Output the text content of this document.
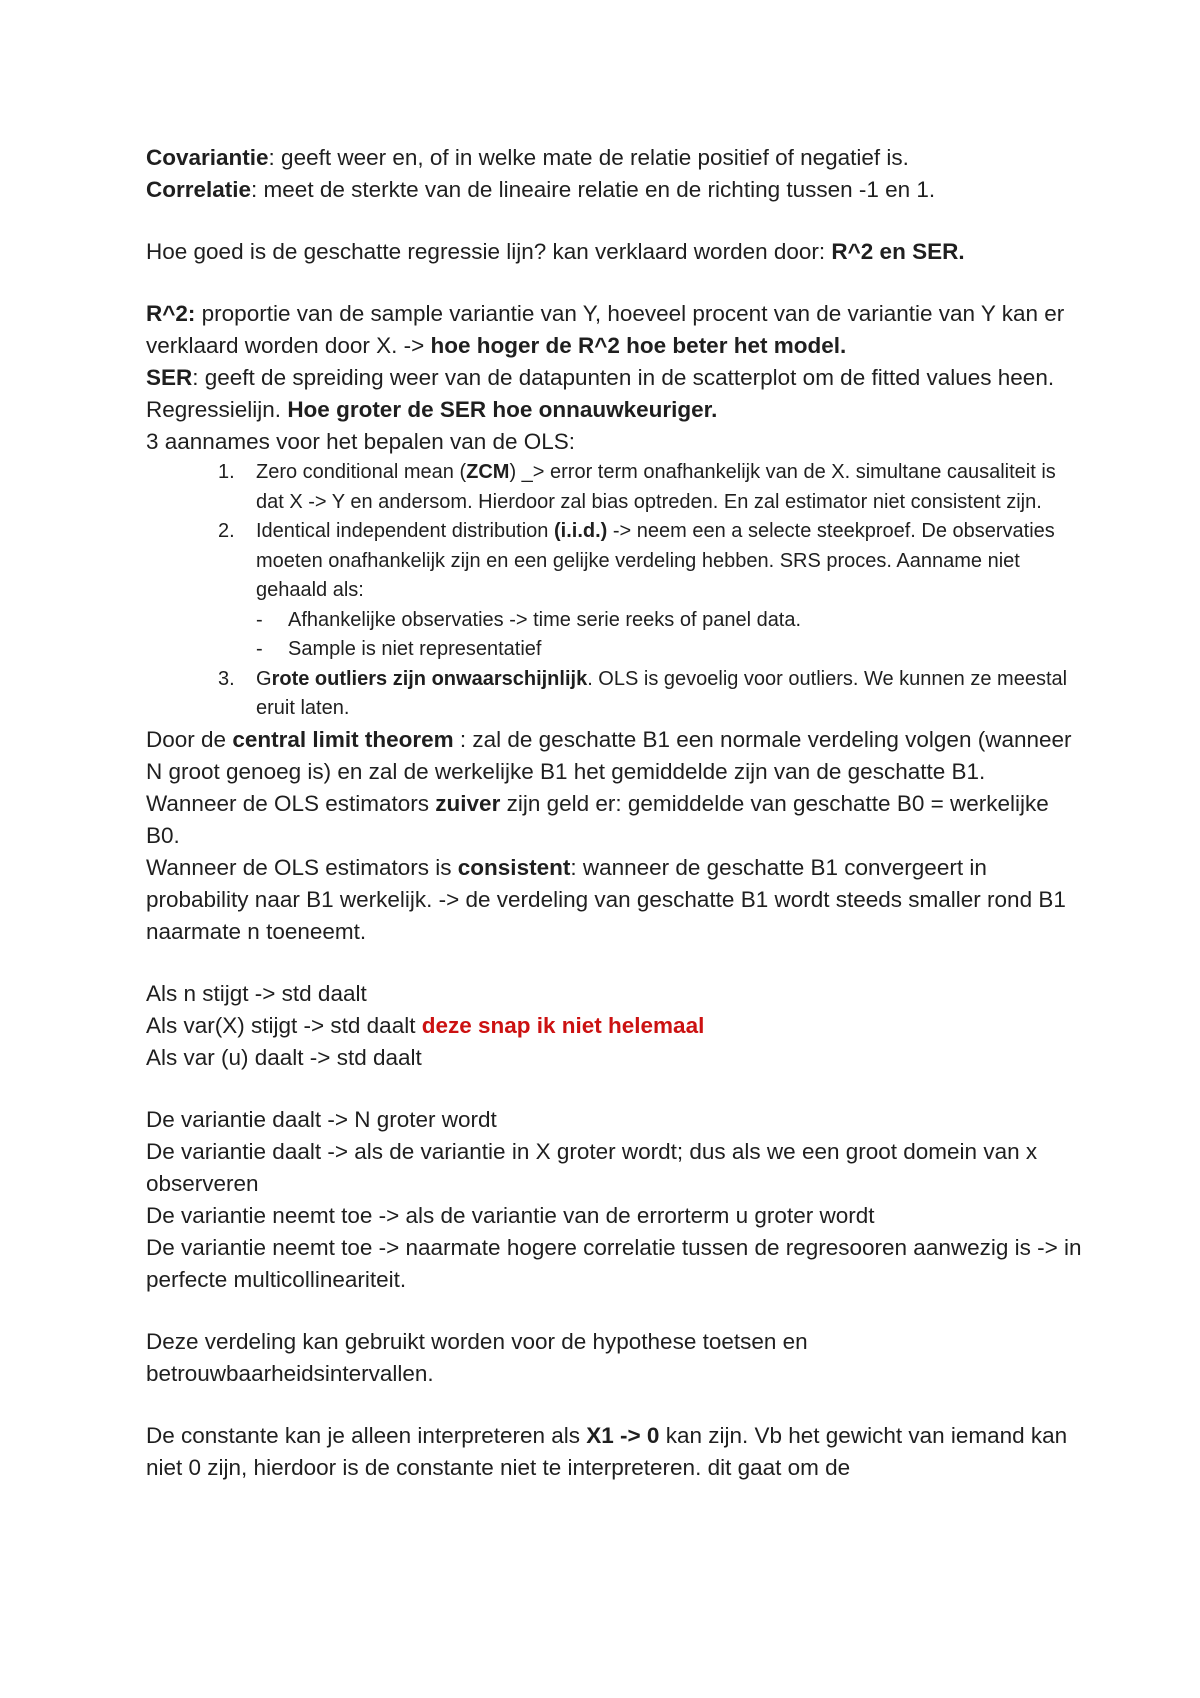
Covariantie: geeft weer en, of in welke mate de relatie positief of negatief is.

Correlatie: meet de sterkte van de lineaire relatie en de richting tussen -1 en 1.

Hoe goed is de geschatte regressie lijn? kan verklaard worden door: R^2 en SER.

R^2: proportie van de sample variantie van Y, hoeveel procent van de variantie van Y kan er verklaard worden door X. -> hoe hoger de R^2 hoe beter het model.

SER: geeft de spreiding weer van de datapunten in de scatterplot om de fitted values heen. Regressielijn. Hoe groter de SER hoe onnauwkeuriger.

3 aannames voor het bepalen van de OLS:

1. Zero conditional mean (ZCM) _> error term onafhankelijk van de X. simultane causaliteit is dat X -> Y en andersom. Hierdoor zal bias optreden. En zal estimator niet consistent zijn.
2. Identical independent distribution (i.i.d.) -> neem een a selecte steekproef. De observaties moeten onafhankelijk zijn en een gelijke verdeling hebben. SRS proces. Aanname niet gehaald als:
- Afhankelijke observaties -> time serie reeks of panel data.
- Sample is niet representatief
3. Grote outliers zijn onwaarschijnlijk. OLS is gevoelig voor outliers. We kunnen ze meestal eruit laten.

Door de central limit theorem : zal de geschatte B1 een normale verdeling volgen (wanneer N groot genoeg is) en zal de werkelijke B1 het gemiddelde zijn van de geschatte B1.

Wanneer de OLS estimators zuiver zijn geld er: gemiddelde van geschatte B0 = werkelijke B0.

Wanneer de OLS estimators is consistent: wanneer de geschatte B1 convergeert in probability naar B1 werkelijk. -> de verdeling van geschatte B1 wordt steeds smaller rond B1 naarmate n toeneemt.

Als n stijgt -> std daalt

Als var(X) stijgt -> std daalt deze snap ik niet helemaal

Als var (u) daalt -> std daalt

De variantie daalt -> N groter wordt

De variantie daalt -> als de variantie in X groter wordt; dus als we een groot domein van x observeren

De variantie neemt toe -> als de variantie van de errorterm u groter wordt

De variantie neemt toe -> naarmate hogere correlatie tussen de regresooren aanwezig is -> in perfecte multicollineariteit.

Deze verdeling kan gebruikt worden voor de hypothese toetsen en betrouwbaarheidsintervallen.

De constante kan je alleen interpreteren als X1 -> 0 kan zijn. Vb het gewicht van iemand kan niet 0 zijn, hierdoor is de constante niet te interpreteren. dit gaat om de
